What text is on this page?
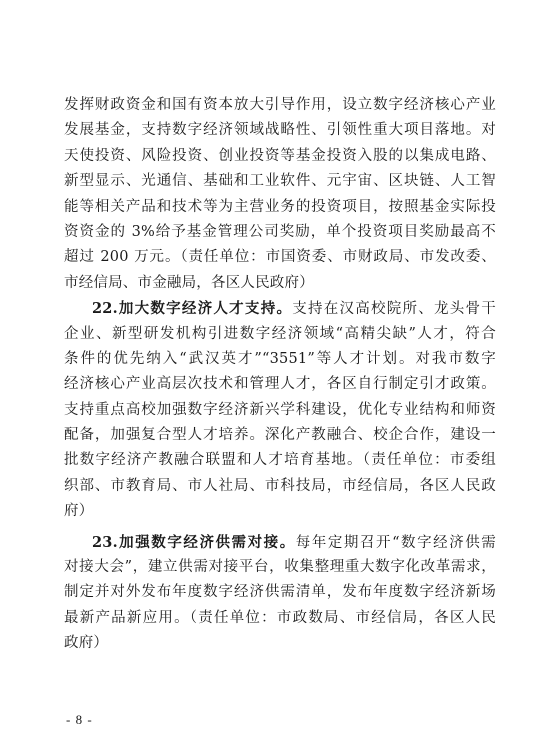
发挥财政资金和国有资本放大引导作用，设立数字经济核心产业
发展基金，支持数字经济领域战略性、引领性重大项目落地。对
天使投资、风险投资、创业投资等基金投资入股的以集成电路、
新型显示、光通信、基础和工业软件、元宇宙、区块链、人工智
能等相关产品和技术等为主营业务的投资项目，按照基金实际投
资资金的 3%给予基金管理公司奖励，单个投资项目奖励最高不
超过 200 万元。（责任单位：市国资委、市财政局、市发改委、
市经信局、市金融局，各区人民政府）
22.加大数字经济人才支持。支持在汉高校院所、龙头骨干
企业、新型研发机构引进数字经济领域“高精尖缺”人才，符合
条件的优先纳入“武汉英才”“3551”等人才计划。对我市数字
经济核心产业高层次技术和管理人才，各区自行制定引才政策。
支持重点高校加强数字经济新兴学科建设，优化专业结构和师资
配备，加强复合型人才培养。深化产教融合、校企合作，建设一
批数字经济产教融合联盟和人才培育基地。（责任单位：市委组
织部、市教育局、市人社局、市科技局，市经信局，各区人民政
府）
23.加强数字经济供需对接。每年定期召开“数字经济供需
对接大会”，建立供需对接平台，收集整理重大数字化改革需求，
制定并对外发布年度数字经济供需清单，发布年度数字经济新场
最新产品新应用。（责任单位：市政数局、市经信局，各区人民
政府）
- 8 -
